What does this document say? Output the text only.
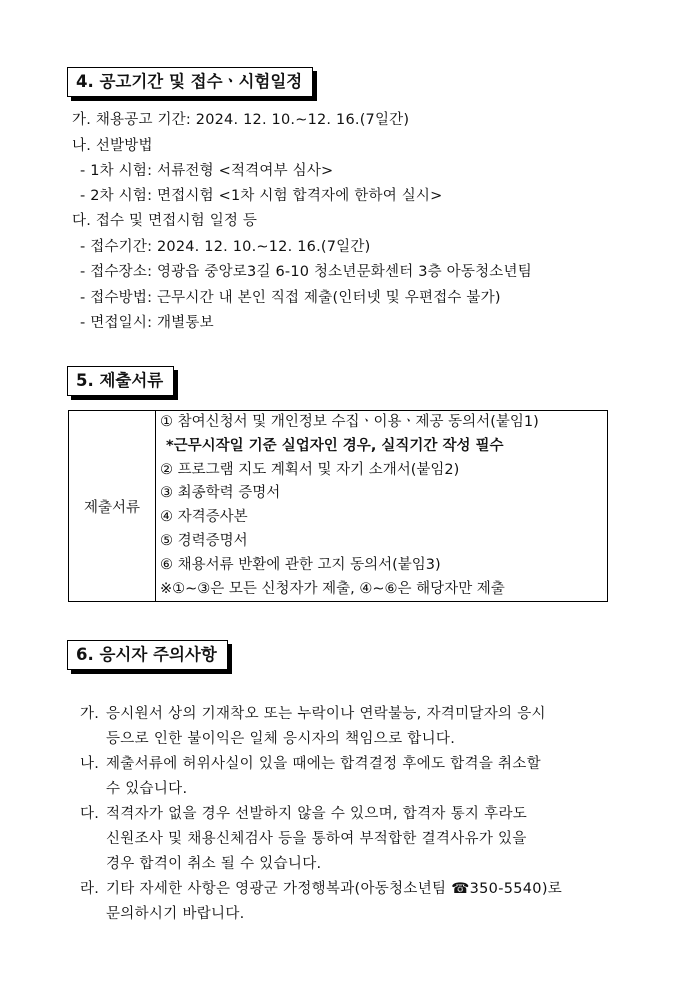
4. 공고기간 및 접수ㆍ시험일정
가. 채용공고 기간: 2024. 12. 10.∼12. 16.(7일간)
나. 선발방법
- 1차 시험: 서류전형 <적격여부 심사>
- 2차 시험: 면접시험 <1차 시험 합격자에 한하여 실시>
다. 접수 및 면접시험 일정 등
- 접수기간: 2024. 12. 10.∼12. 16.(7일간)
- 접수장소: 영광읍 중앙로3길 6-10 청소년문화센터 3층 아동청소년팀
- 접수방법: 근무시간 내 본인 직접 제출(인터넷 및 우편접수 불가)
- 면접일시: 개별통보
5. 제출서류
제출서류	
① 참여신청서 및 개인정보 수집ㆍ이용ㆍ제공 동의서(붙임1)
*근무시작일 기준 실업자인 경우, 실직기간 작성 필수
② 프로그램 지도 계획서 및 자기 소개서(붙임2)
③ 최종학력 증명서
④ 자격증사본
⑤ 경력증명서
⑥ 채용서류 반환에 관한 고지 동의서(붙임3)
※①∼③은 모든 신청자가 제출, ④∼⑥은 해당자만 제출
6. 응시자 주의사항
가. 응시원서 상의 기재착오 또는 누락이나 연락불능, 자격미달자의 응시
등으로 인한 불이익은 일체 응시자의 책임으로 합니다.
나. 제출서류에 허위사실이 있을 때에는 합격결정 후에도 합격을 취소할
수 있습니다.
다. 적격자가 없을 경우 선발하지 않을 수 있으며, 합격자 통지 후라도
신원조사 및 채용신체검사 등을 통하여 부적합한 결격사유가 있을
경우 합격이 취소 될 수 있습니다.
라. 기타 자세한 사항은 영광군 가정행복과(아동청소년팀 ☎350-5540)로
문의하시기 바랍니다.
